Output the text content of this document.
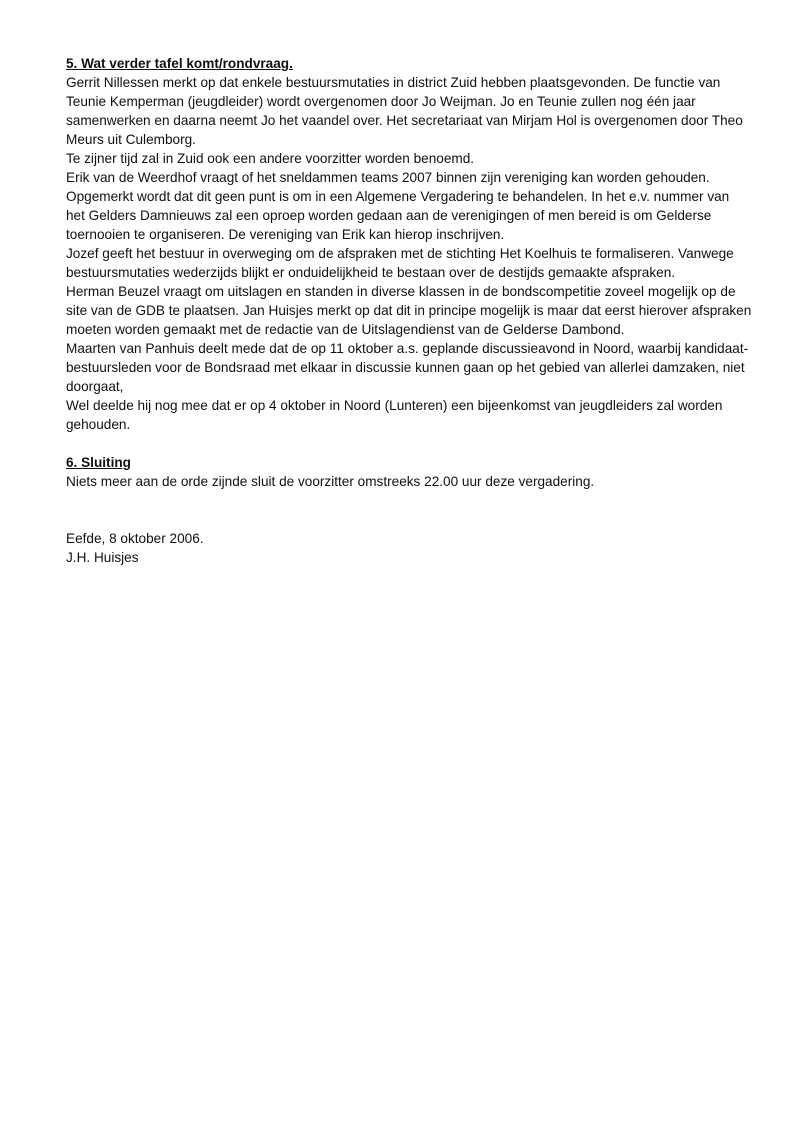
5. Wat verder tafel komt/rondvraag.

Gerrit Nillessen merkt op dat enkele bestuursmutaties in district Zuid hebben plaatsgevonden. De functie van
Teunie Kemperman (jeugdleider) wordt overgenomen door Jo Weijman. Jo en Teunie zullen nog één jaar
samenwerken en daarna neemt Jo het vaandel over. Het secretariaat van Mirjam Hol is overgenomen door Theo
Meurs uit Culemborg.
Te zijner tijd zal in Zuid ook een andere voorzitter worden benoemd.
Erik van de Weerdhof vraagt of het sneldammen teams 2007 binnen zijn vereniging kan worden gehouden.
Opgemerkt wordt dat dit geen punt is om in een Algemene Vergadering te behandelen. In het e.v. nummer van
het Gelders Damnieuws zal een oproep worden gedaan aan de verenigingen of men bereid is om Gelderse
toernooien te organiseren. De vereniging van Erik kan hierop inschrijven.
Jozef geeft het bestuur in overweging om de afspraken met de stichting Het Koelhuis te formaliseren. Vanwege
bestuursmutaties wederzijds blijkt er onduidelijkheid te bestaan over de destijds gemaakte afspraken.
Herman Beuzel vraagt om uitslagen en standen in diverse klassen in de bondscompetitie zoveel mogelijk op de
site van de GDB te plaatsen. Jan Huisjes merkt op dat dit in principe mogelijk is maar dat eerst hierover afspraken
moeten worden gemaakt met de redactie van de Uitslagendienst van de Gelderse Dambond.
Maarten van Panhuis deelt mede dat de op 11 oktober a.s. geplande discussieavond in Noord, waarbij kandidaat-
bestuursleden voor de Bondsraad met elkaar in discussie kunnen gaan op het gebied van allerlei damzaken, niet
doorgaat,
Wel deelde hij nog mee dat er op 4 oktober in Noord (Lunteren) een bijeenkomst van jeugdleiders zal worden
gehouden.

6. Sluiting

Niets meer aan de orde zijnde sluit de voorzitter omstreeks 22.00 uur deze vergadering.

Eefde, 8 oktober 2006.

J.H. Huisjes
